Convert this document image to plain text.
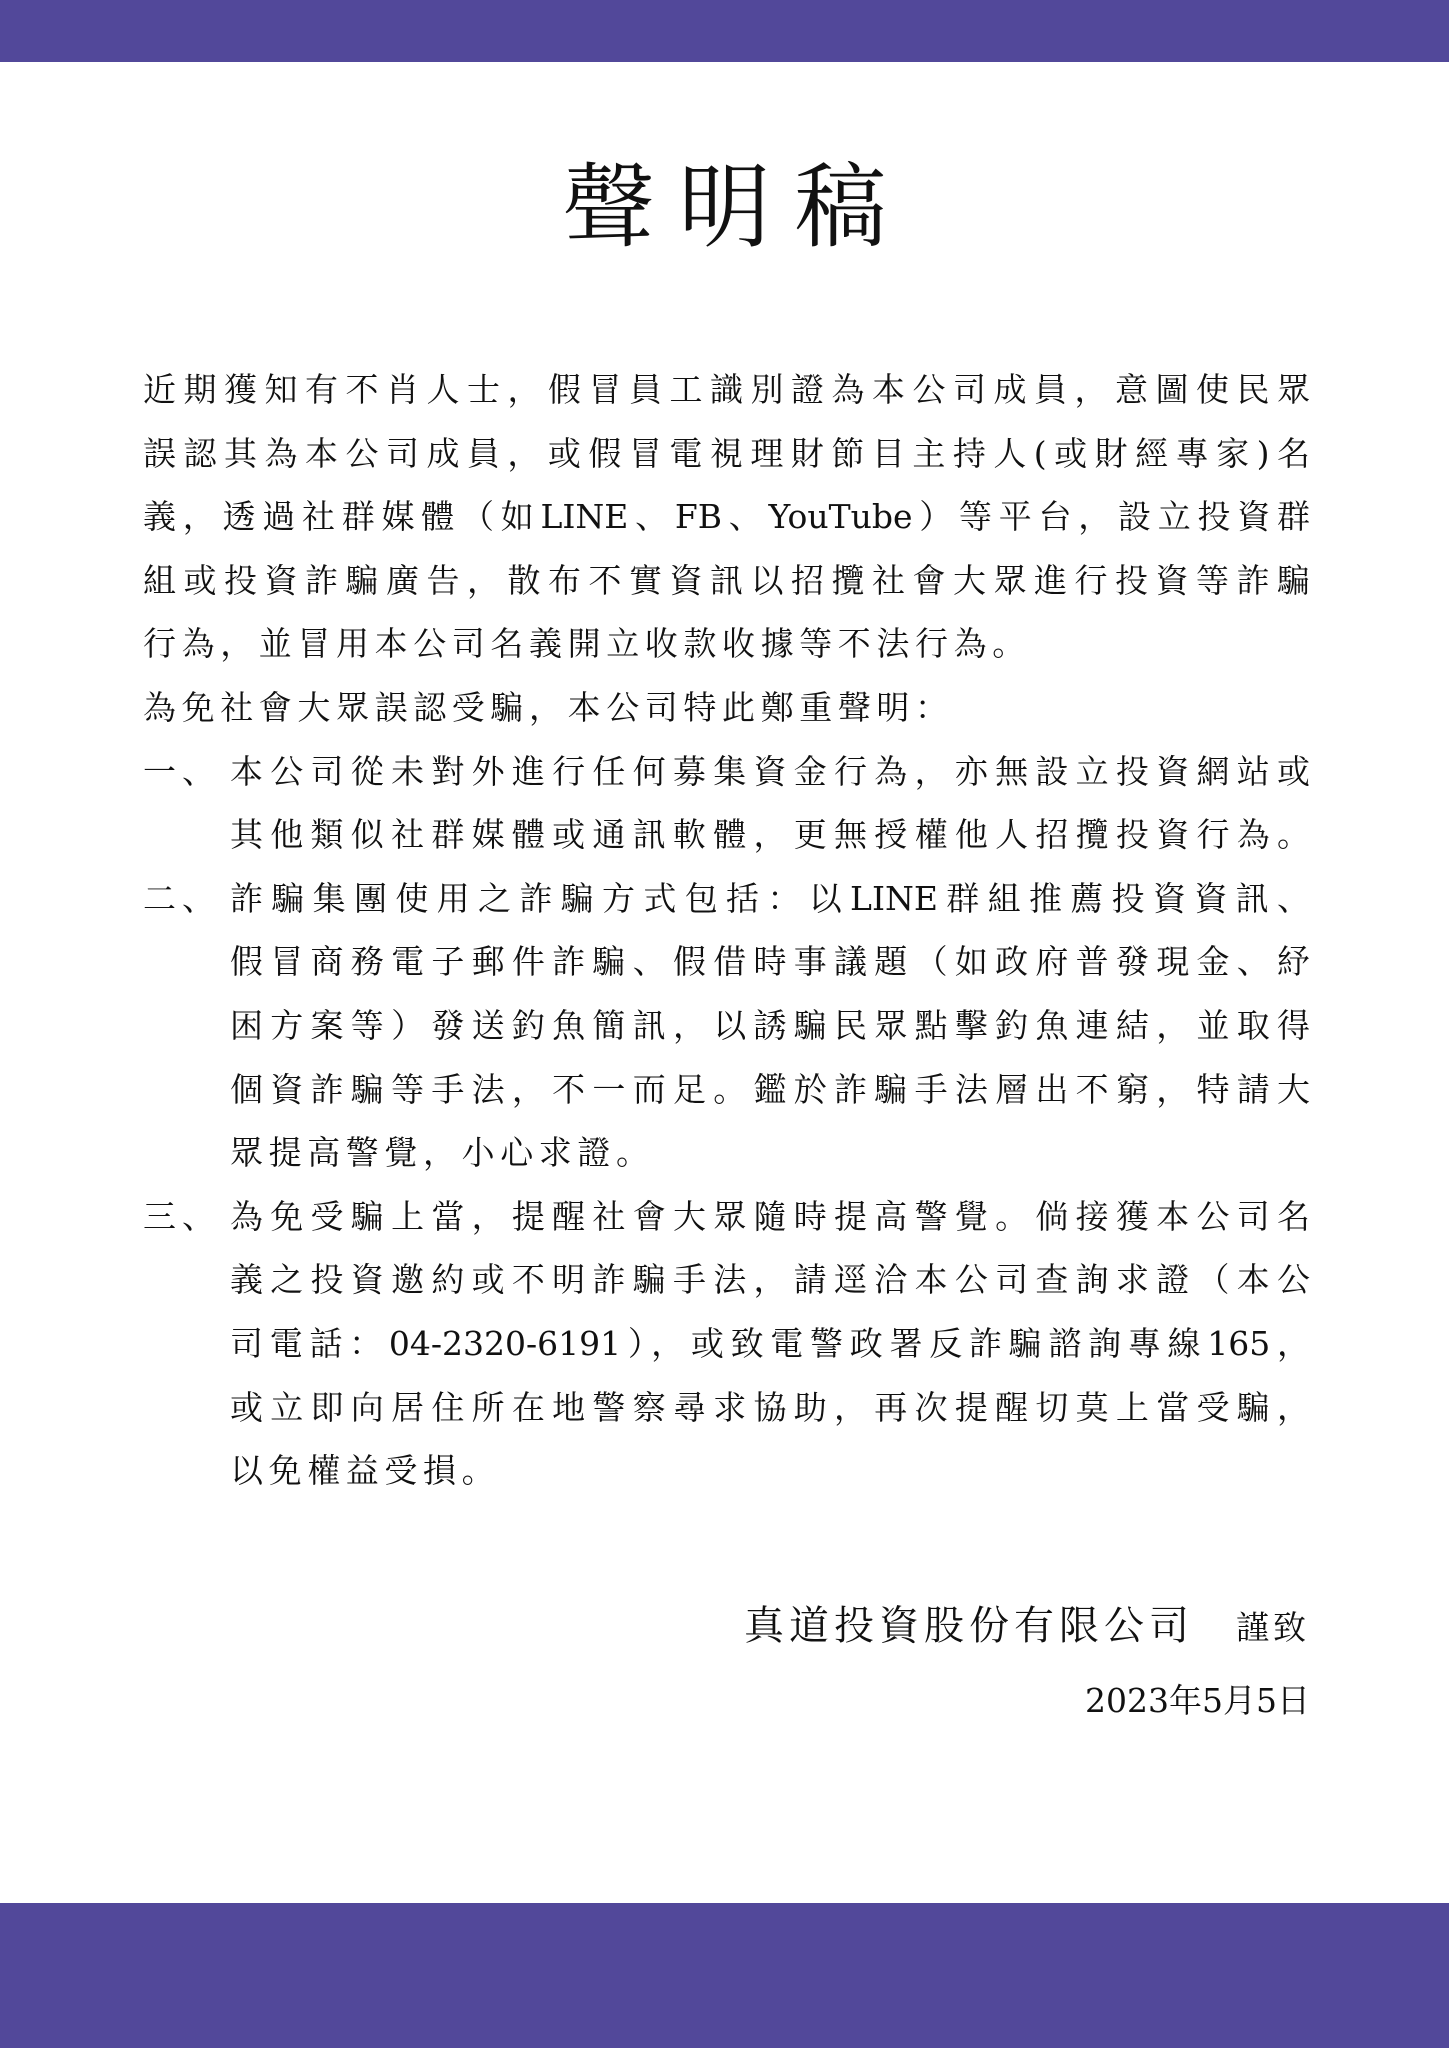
聲明稿
近期獲知有不肖人士，假冒員工識別證為本公司成員，意圖使民眾
誤認其為本公司成員，或假冒電視理財節目主持人(或財經專家)名
義，透過社群媒體（如LINE、FB、YouTube）等平台，設立投資群
組或投資詐騙廣告，散布不實資訊以招攬社會大眾進行投資等詐騙
行為，並冒用本公司名義開立收款收據等不法行為。
為免社會大眾誤認受騙，本公司特此鄭重聲明：
一、 本公司從未對外進行任何募集資金行為，亦無設立投資網站或
其他類似社群媒體或通訊軟體，更無授權他人招攬投資行為。
二、 詐騙集團使用之詐騙方式包括：以LINE群組推薦投資資訊、
假冒商務電子郵件詐騙、假借時事議題（如政府普發現金、紓
困方案等）發送釣魚簡訊，以誘騙民眾點擊釣魚連結，並取得
個資詐騙等手法，不一而足。鑑於詐騙手法層出不窮，特請大
眾提高警覺，小心求證。
三、 為免受騙上當，提醒社會大眾隨時提高警覺。倘接獲本公司名
義之投資邀約或不明詐騙手法，請逕洽本公司查詢求證（本公
司電話：04-2320-6191），或致電警政署反詐騙諮詢專線165，
或立即向居住所在地警察尋求協助，再次提醒切莫上當受騙，
以免權益受損。
真道投資股份有限公司 謹致
2023年5月5日
